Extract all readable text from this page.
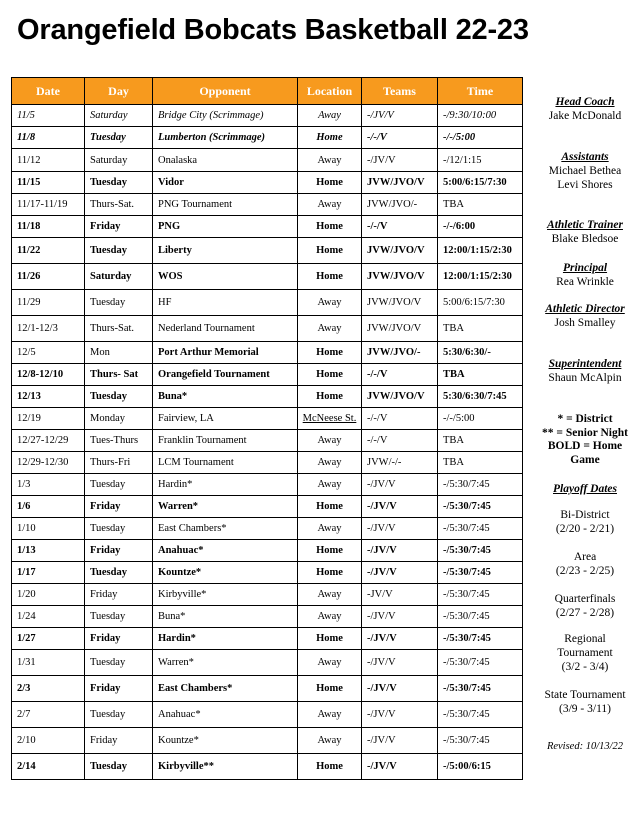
Orangefield Bobcats Basketball 22-23
Date	Day	Opponent	Location	Teams	Time
11/5	Saturday	Bridge City (Scrimmage)	Away	-/JV/V	-/9:30/10:00
11/8	Tuesday	Lumberton (Scrimmage)	Home	-/-/V	-/-/5:00
11/12	Saturday	Onalaska	Away	-/JV/V	-/12/1:15
11/15	Tuesday	Vidor	Home	JVW/JVO/V	5:00/6:15/7:30
11/17-11/19	Thurs-Sat.	PNG Tournament	Away	JVW/JVO/-	TBA
11/18	Friday	PNG	Home	-/-/V	-/-/6:00
11/22	Tuesday	Liberty	Home	JVW/JVO/V	12:00/1:15/2:30
11/26	Saturday	WOS	Home	JVW/JVO/V	12:00/1:15/2:30
11/29	Tuesday	HF	Away	JVW/JVO/V	5:00/6:15/7:30
12/1-12/3	Thurs-Sat.	Nederland Tournament	Away	JVW/JVO/V	TBA
12/5	Mon	Port Arthur Memorial	Home	JVW/JVO/-	5:30/6:30/-
12/8-12/10	Thurs- Sat	Orangefield Tournament	Home	-/-/V	TBA
12/13	Tuesday	Buna*	Home	JVW/JVO/V	5:30/6:30/7:45
12/19	Monday	Fairview, LA	McNeese St.	-/-/V	-/-/5:00
12/27-12/29	Tues-Thurs	Franklin Tournament	Away	-/-/V	TBA
12/29-12/30	Thurs-Fri	LCM Tournament	Away	JVW/-/-	TBA
1/3	Tuesday	Hardin*	Away	-/JV/V	-/5:30/7:45
1/6	Friday	Warren*	Home	-/JV/V	-/5:30/7:45
1/10	Tuesday	East Chambers*	Away	-/JV/V	-/5:30/7:45
1/13	Friday	Anahuac*	Home	-/JV/V	-/5:30/7:45
1/17	Tuesday	Kountze*	Home	-/JV/V	-/5:30/7:45
1/20	Friday	Kirbyville*	Away	-JV/V	-/5:30/7:45
1/24	Tuesday	Buna*	Away	-/JV/V	-/5:30/7:45
1/27	Friday	Hardin*	Home	-/JV/V	-/5:30/7:45
1/31	Tuesday	Warren*	Away	-/JV/V	-/5:30/7:45
2/3	Friday	East Chambers*	Home	-/JV/V	-/5:30/7:45
2/7	Tuesday	Anahuac*	Away	-/JV/V	-/5:30/7:45
2/10	Friday	Kountze*	Away	-/JV/V	-/5:30/7:45
2/14	Tuesday	Kirbyville**	Home	-/JV/V	-/5:00/6:15
Head Coach
Jake McDonald
Assistants
Michael Bethea
Levi Shores
Athletic Trainer
Blake Bledsoe
Principal
Rea Wrinkle
Athletic Director
Josh Smalley
Superintendent
Shaun McAlpin
* = District
** = Senior Night
BOLD = Home Game
Playoff Dates
Bi-District
(2/20 - 2/21)
Area
(2/23 - 2/25)
Quarterfinals
(2/27 - 2/28)
Regional
Tournament
(3/2 - 3/4)
State Tournament
(3/9 - 3/11)
Revised: 10/13/22
